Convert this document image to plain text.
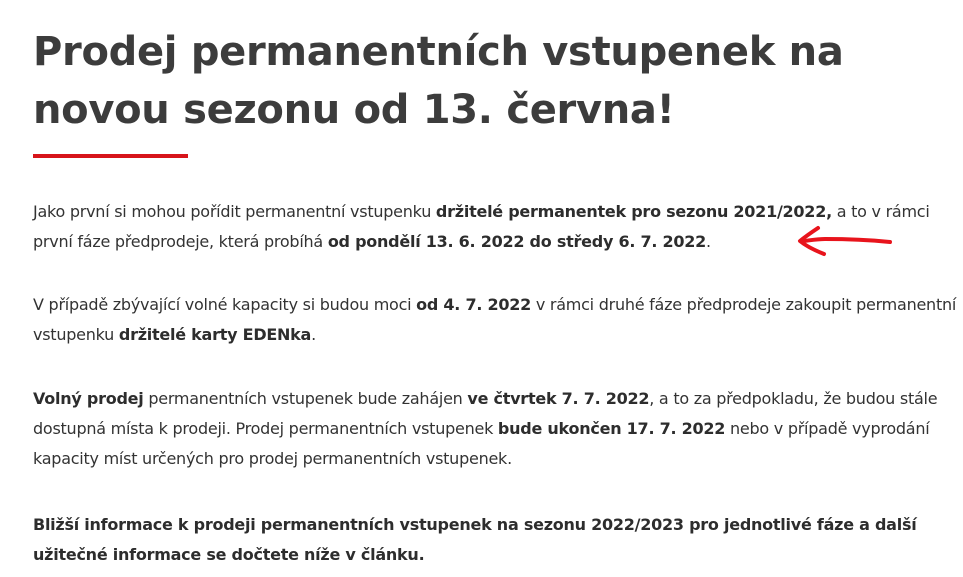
Prodej permanentních vstupenek na novou sezonu od 13. června!

Jako první si mohou pořídit permanentní vstupenku držitelé permanentek pro sezonu 2021/2022, a to v rámci první fáze předprodeje, která probíhá od pondělí 13. 6. 2022 do středy 6. 7. 2022.

V případě zbývající volné kapacity si budou moci od 4. 7. 2022 v rámci druhé fáze předprodeje zakoupit permanentní vstupenku držitelé karty EDENka.

Volný prodej permanentních vstupenek bude zahájen ve čtvrtek 7. 7. 2022, a to za předpokladu, že budou stále dostupná místa k prodeji. Prodej permanentních vstupenek bude ukončen 17. 7. 2022 nebo v případě vyprodání kapacity míst určených pro prodej permanentních vstupenek.

Bližší informace k prodeji permanentních vstupenek na sezonu 2022/2023 pro jednotlivé fáze a další užitečné informace se dočtete níže v článku.
